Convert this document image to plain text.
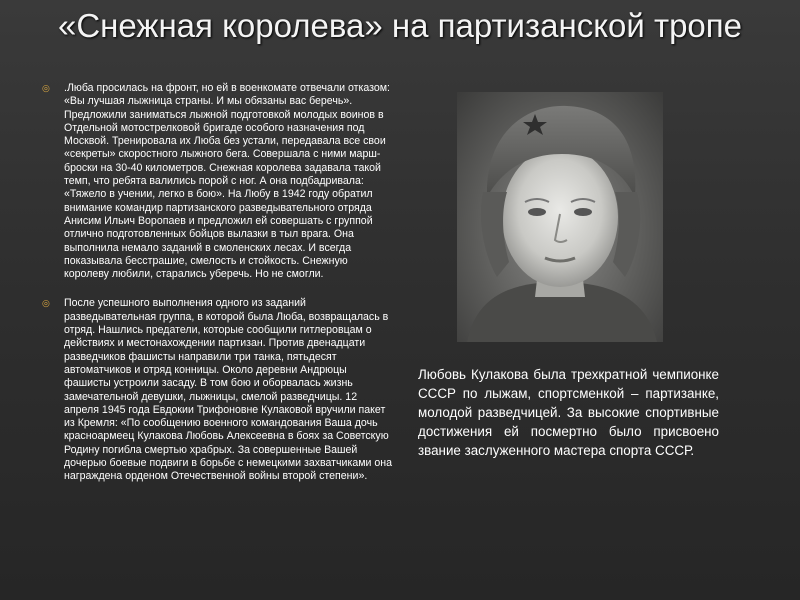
«Снежная королева» на партизанской тропе
◎ .Люба просилась на фронт, но ей в военкомате отвечали отказом: «Вы лучшая лыжница страны. И мы обязаны вас беречь». Предложили заниматься лыжной подготовкой молодых воинов в Отдельной мотострелковой бригаде особого назначения под Москвой. Тренировала их Люба без устали, передавала все свои «секреты» скоростного лыжного бега. Совершала с ними марш-броски на 30-40 километров. Снежная королева задавала такой темп, что ребята валились порой с ног. А она подбадривала: «Тяжело в учении, легко в бою». На Любу в 1942 году обратил внимание командир партизанского разведывательного отряда Анисим Ильич Воропаев и предложил ей совершать с группой отлично подготовленных бойцов вылазки в тыл врага. Она выполнила немало заданий в смоленских лесах. И всегда показывала бесстрашие, смелость и стойкость. Снежную королеву любили, старались уберечь. Но не смогли.
◎ После успешного выполнения одного из заданий разведывательная группа, в которой была Люба, возвращалась в отряд. Нашлись предатели, которые сообщили гитлеровцам о действиях и местонахождении партизан. Против двенадцати разведчиков фашисты направили три танка, пятьдесят автоматчиков и отряд конницы. Около деревни Андрюцы фашисты устроили засаду. В том бою и оборвалась жизнь замечательной девушки, лыжницы, смелой разведчицы. 12 апреля 1945 года Евдокии Трифоновне Кулаковой вручили пакет из Кремля: «По сообщению военного командования Ваша дочь красноармеец Кулакова Любовь Алексеевна в боях за Советскую Родину погибла смертью храбрых. За совершенные Вашей дочерью боевые подвиги в борьбе с немецкими захватчиками она награждена орденом Отечественной войны второй степени».
Любовь Кулакова была трехкратной чемпионке СССР по лыжам, спортсменкой – партизанке, молодой разведчицей. За высокие спортивные достижения ей посмертно было присвоено звание заслуженного мастера спорта СССР.
